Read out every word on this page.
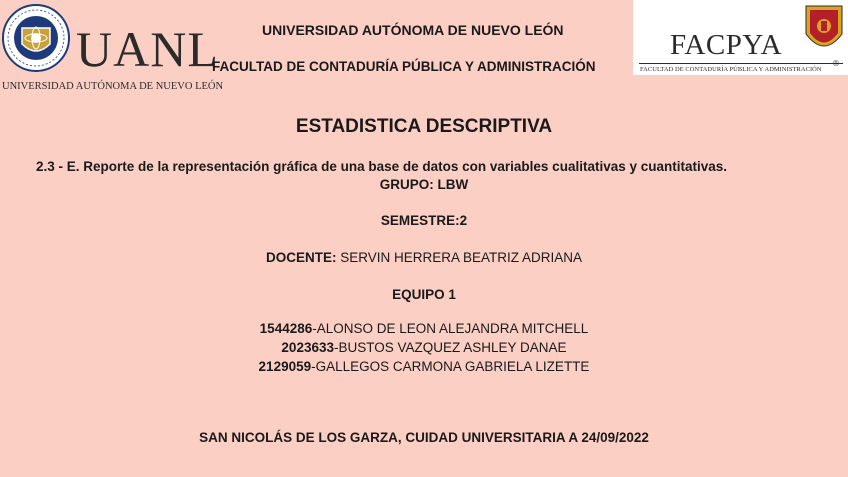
UANL
UNIVERSIDAD AUTÓNOMA DE NUEVO LEÓN
FACPYA
FACULTAD DE CONTADURÍA PÚBLICA Y ADMINISTRACIÓN
UNIVERSIDAD AUTÓNOMA DE NUEVO LEÓN
FACULTAD DE CONTADURÍA PÚBLICA Y ADMINISTRACIÓN
ESTADISTICA DESCRIPTIVA
2.3 - E. Reporte de la representación gráfica de una base de datos con variables cualitativas y cuantitativas.
GRUPO: LBW
SEMESTRE:2
DOCENTE: SERVIN HERRERA BEATRIZ ADRIANA
EQUIPO 1
1544286-ALONSO DE LEON ALEJANDRA MITCHELL
2023633-BUSTOS VAZQUEZ ASHLEY DANAE
2129059-GALLEGOS CARMONA GABRIELA LIZETTE
SAN NICOLÁS DE LOS GARZA, CUIDAD UNIVERSITARIA A 24/09/2022
